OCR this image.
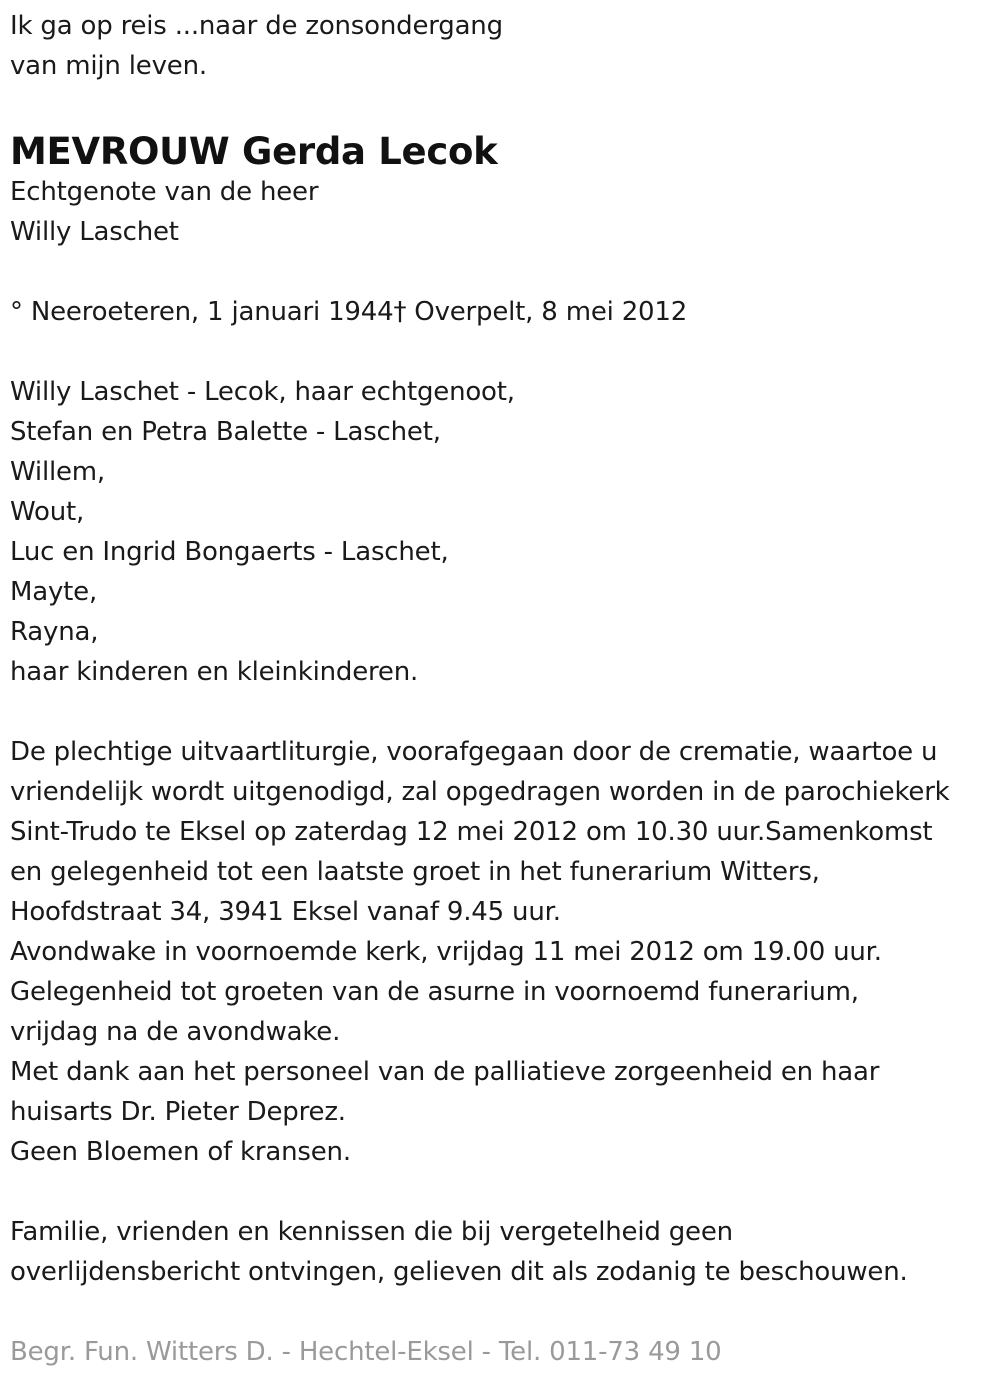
Ik ga op reis ...naar de zonsondergang
van mijn leven.
MEVROUW Gerda Lecok
Echtgenote van de heer
Willy Laschet
° Neeroeteren, 1 januari 1944† Overpelt, 8 mei 2012
Willy Laschet - Lecok, haar echtgenoot,
Stefan en Petra Balette - Laschet,
Willem,
Wout,
Luc en Ingrid Bongaerts - Laschet,
Mayte,
Rayna,
haar kinderen en kleinkinderen.
De plechtige uitvaartliturgie, voorafgegaan door de crematie, waartoe u
vriendelijk wordt uitgenodigd, zal opgedragen worden in de parochiekerk
Sint-Trudo te Eksel op zaterdag 12 mei 2012 om 10.30 uur.Samenkomst
en gelegenheid tot een laatste groet in het funerarium Witters,
Hoofdstraat 34, 3941 Eksel vanaf 9.45 uur.
Avondwake in voornoemde kerk, vrijdag 11 mei 2012 om 19.00 uur.
Gelegenheid tot groeten van de asurne in voornoemd funerarium,
vrijdag na de avondwake.
Met dank aan het personeel van de palliatieve zorgeenheid en haar
huisarts Dr. Pieter Deprez.
Geen Bloemen of kransen.
Familie, vrienden en kennissen die bij vergetelheid geen
overlijdensbericht ontvingen, gelieven dit als zodanig te beschouwen.
Begr. Fun. Witters D. - Hechtel-Eksel - Tel. 011-73 49 10
